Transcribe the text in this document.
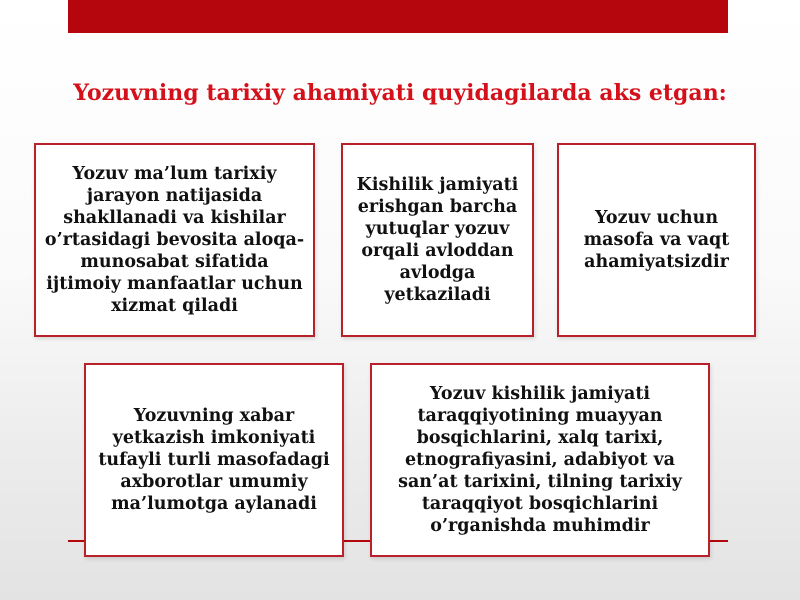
Yozuvning tarixiy ahamiyati quyidagilarda aks etgan:
Yozuv ma’lum tarixiy jarayon natijasida shakllanadi va kishilar o’rtasidagi bevosita aloqa-munosabat sifatida ijtimoiy manfaatlar uchun xizmat qiladi
Kishilik jamiyati erishgan barcha yutuqlar yozuv orqali avloddan avlodga yetkaziladi
Yozuv uchun masofa va vaqt ahamiyatsizdir
Yozuvning xabar yetkazish imkoniyati tufayli turli masofadagi axborotlar umumiy ma’lumotga aylanadi
Yozuv kishilik jamiyati taraqqiyotining muayyan bosqichlarini, xalq tarixi, etnografiyasini, adabiyot va san’at tarixini, tilning tarixiy taraqqiyot bosqichlarini o’rganishda muhimdir
